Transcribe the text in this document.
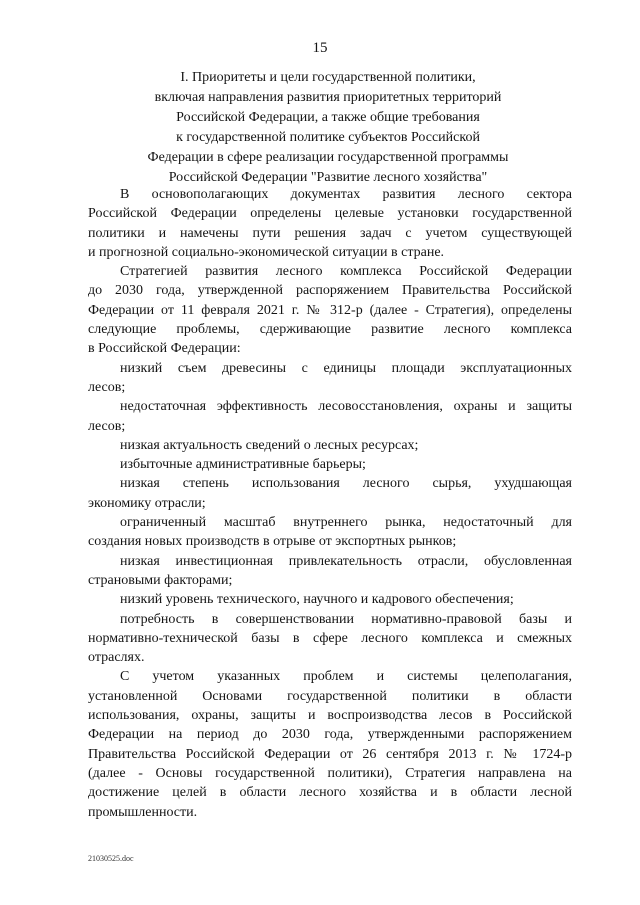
15
I. Приоритеты и цели государственной политики,
включая направления развития приоритетных территорий
Российской Федерации, а также общие требования
к государственной политике субъектов Российской
Федерации в сфере реализации государственной программы
Российской Федерации "Развитие лесного хозяйства"
В основополагающих документах развития лесного сектора
Российской Федерации определены целевые установки государственной
политики и намечены пути решения задач с учетом существующей
и прогнозной социально-экономической ситуации в стране.
Стратегией развития лесного комплекса Российской Федерации
до 2030 года, утвержденной распоряжением Правительства Российской
Федерации от 11 февраля 2021 г. № 312-р (далее - Стратегия), определены
следующие проблемы, сдерживающие развитие лесного комплекса
в Российской Федерации:
низкий съем древесины с единицы площади эксплуатационных
лесов;
недостаточная эффективность лесовосстановления, охраны и защиты
лесов;
низкая актуальность сведений о лесных ресурсах;
избыточные административные барьеры;
низкая степень использования лесного сырья, ухудшающая
экономику отрасли;
ограниченный масштаб внутреннего рынка, недостаточный для
создания новых производств в отрыве от экспортных рынков;
низкая инвестиционная привлекательность отрасли, обусловленная
страновыми факторами;
низкий уровень технического, научного и кадрового обеспечения;
потребность в совершенствовании нормативно-правовой базы и
нормативно-технической базы в сфере лесного комплекса и смежных
отраслях.
С учетом указанных проблем и системы целеполагания,
установленной Основами государственной политики в области
использования, охраны, защиты и воспроизводства лесов в Российской
Федерации на период до 2030 года, утвержденными распоряжением
Правительства Российской Федерации от 26 сентября 2013 г. № 1724-р
(далее - Основы государственной политики), Стратегия направлена на
достижение целей в области лесного хозяйства и в области лесной
промышленности.
21030525.doc
